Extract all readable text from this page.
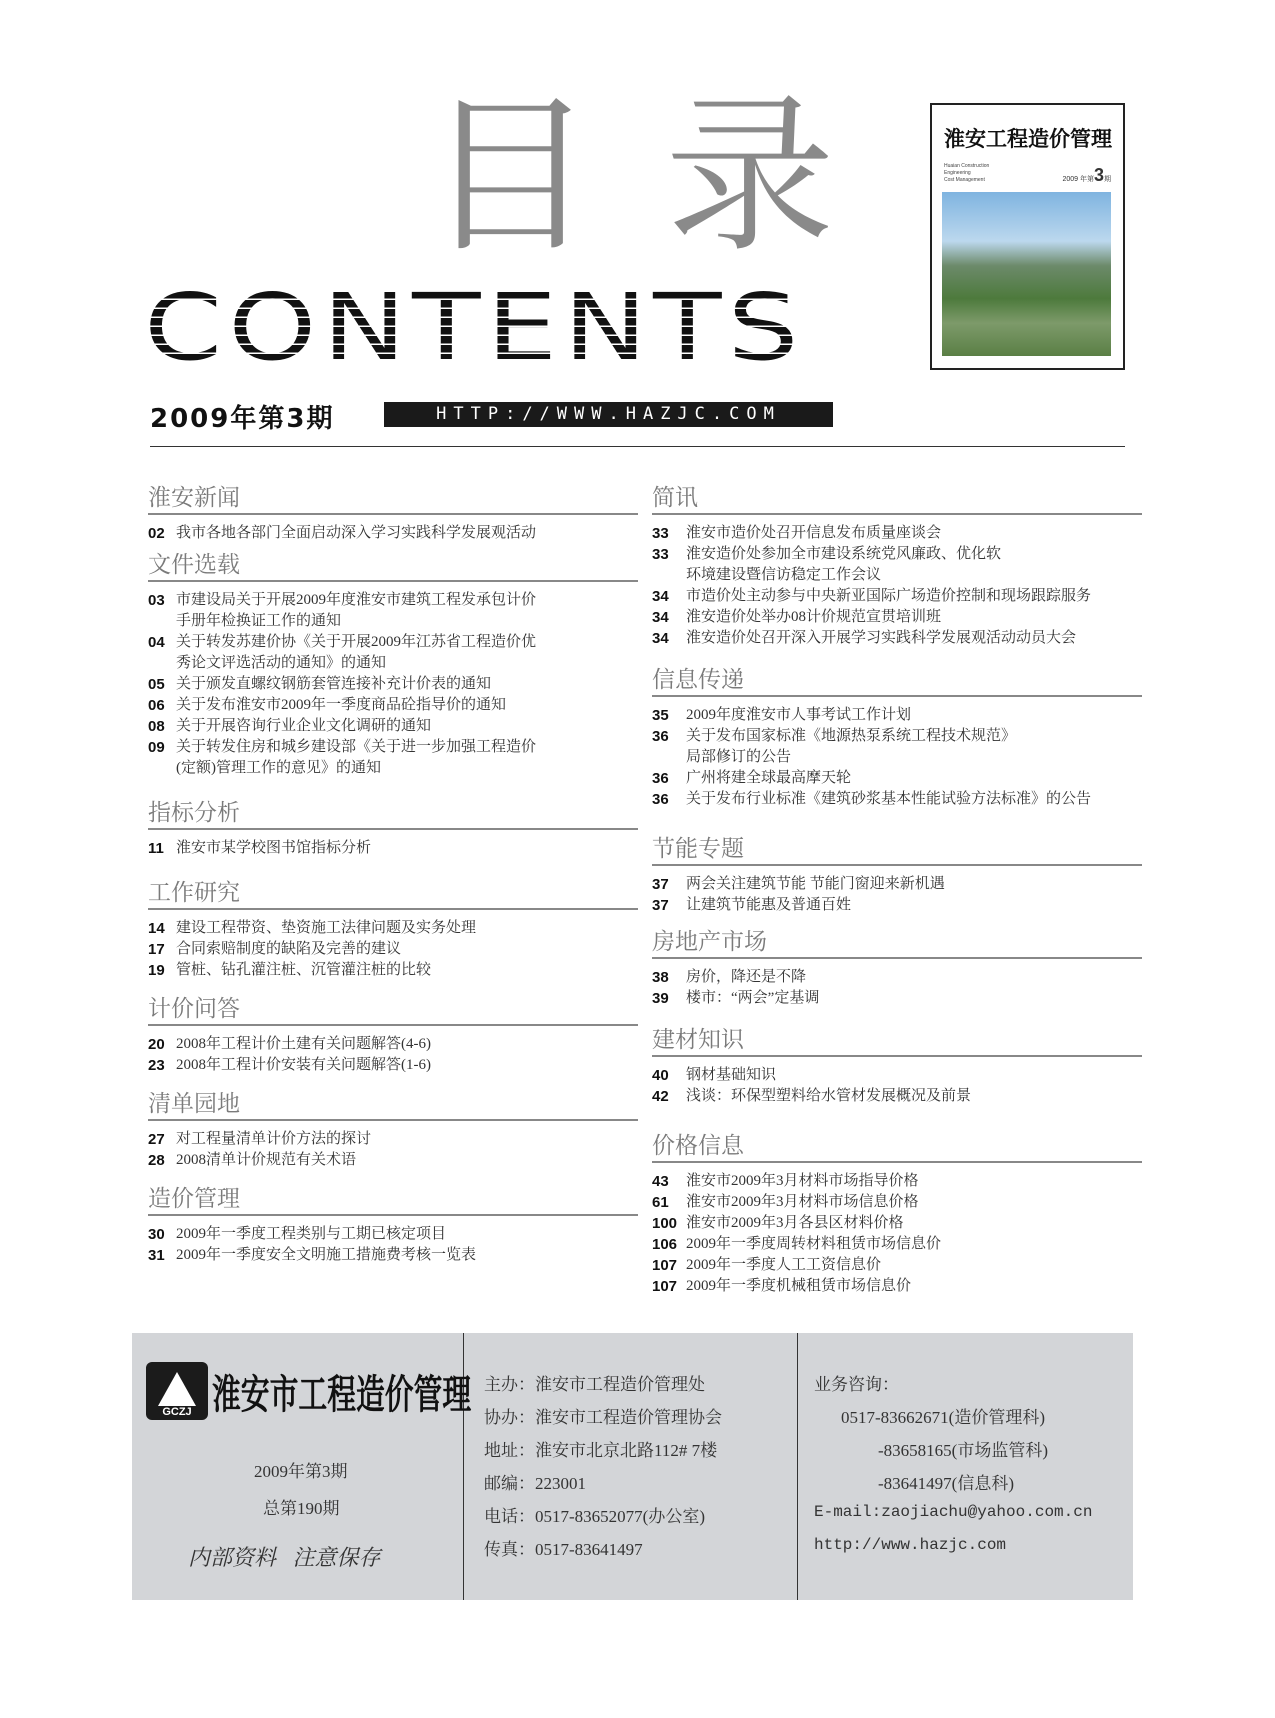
目录
CONTENTS
2009年第3期	HTTP://WWW.HAZJC.COM
淮安工程造价管理
Huaian Construction
Engineering
Cost Management	2009 年第3期
淮安新闻
02 我市各地各部门全面启动深入学习实践科学发展观活动
文件选载
03 市建设局关于开展2009年度淮安市建筑工程发承包计价
手册年检换证工作的通知
04 关于转发苏建价协《关于开展2009年江苏省工程造价优
秀论文评选活动的通知》的通知
05 关于颁发直螺纹钢筋套管连接补充计价表的通知
06 关于发布淮安市2009年一季度商品砼指导价的通知
08 关于开展咨询行业企业文化调研的通知
09 关于转发住房和城乡建设部《关于进一步加强工程造价
(定额)管理工作的意见》的通知
指标分析
11 淮安市某学校图书馆指标分析
工作研究
14 建设工程带资、垫资施工法律问题及实务处理
17 合同索赔制度的缺陷及完善的建议
19 管桩、钻孔灌注桩、沉管灌注桩的比较
计价问答
20 2008年工程计价土建有关问题解答(4-6)
23 2008年工程计价安装有关问题解答(1-6)
清单园地
27 对工程量清单计价方法的探讨
28 2008清单计价规范有关术语
造价管理
30 2009年一季度工程类别与工期已核定项目
31 2009年一季度安全文明施工措施费考核一览表
简讯
33	淮安市造价处召开信息发布质量座谈会
33	淮安造价处参加全市建设系统党风廉政、优化软
环境建设暨信访稳定工作会议
34	市造价处主动参与中央新亚国际广场造价控制和现场跟踪服务
34	淮安造价处举办08计价规范宣贯培训班
34	淮安造价处召开深入开展学习实践科学发展观活动动员大会
信息传递
35	2009年度淮安市人事考试工作计划
36	关于发布国家标准《地源热泵系统工程技术规范》
局部修订的公告
36	广州将建全球最高摩天轮
36	关于发布行业标准《建筑砂浆基本性能试验方法标准》的公告
节能专题
37	两会关注建筑节能 节能门窗迎来新机遇
37	让建筑节能惠及普通百姓
房地产市场
38	房价，降还是不降
39	楼市：“两会”定基调
建材知识
40	钢材基础知识
42	浅谈：环保型塑料给水管材发展概况及前景
价格信息
43	淮安市2009年3月材料市场指导价格
61	淮安市2009年3月材料市场信息价格
100 淮安市2009年3月各县区材料价格
106 2009年一季度周转材料租赁市场信息价
107 2009年一季度人工工资信息价
107 2009年一季度机械租赁市场信息价
GCZJ 淮安市工程造价管理
2009年第3期
总第190期
内部资料   注意保存
主办：淮安市工程造价管理处
协办：淮安市工程造价管理协会
地址：淮安市北京北路112# 7楼
邮编：223001
电话：0517-83652077(办公室)
传真：0517-83641497
业务咨询：
0517-83662671(造价管理科)
-83658165(市场监管科)
-83641497(信息科)
E-mail:zaojiachu@yahoo.com.cn
http://www.hazjc.com
